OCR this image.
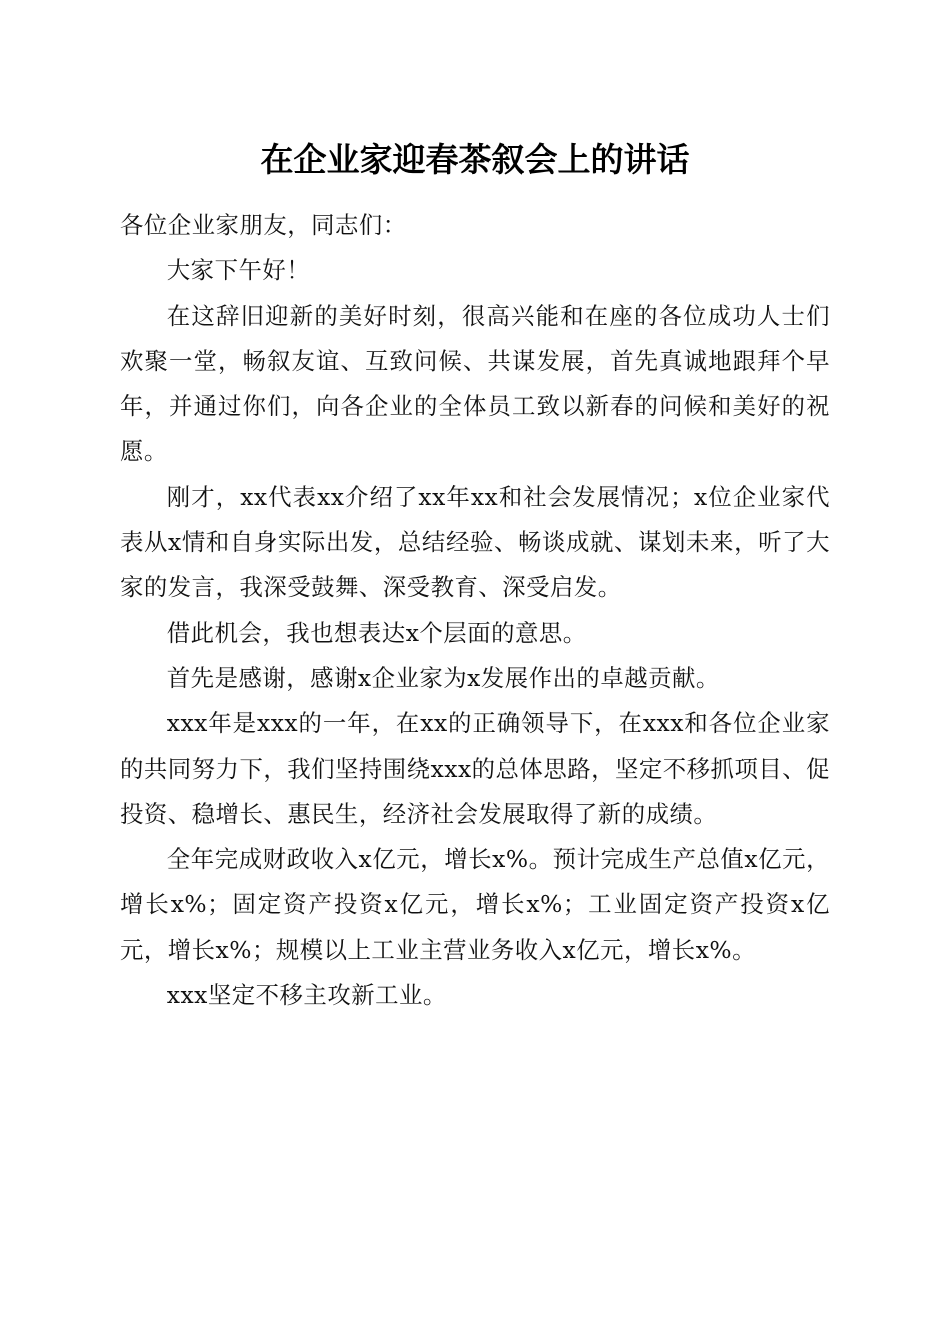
在企业家迎春茶叙会上的讲话

各位企业家朋友，同志们：

大家下午好！

在这辞旧迎新的美好时刻，很高兴能和在座的各位成功人士们欢聚一堂，畅叙友谊、互致问候、共谋发展，首先真诚地跟拜个早年，并通过你们，向各企业的全体员工致以新春的问候和美好的祝愿。

刚才，xx代表xx介绍了xx年xx和社会发展情况；x位企业家代表从x情和自身实际出发，总结经验、畅谈成就、谋划未来，听了大家的发言，我深受鼓舞、深受教育、深受启发。

借此机会，我也想表达x个层面的意思。

首先是感谢，感谢x企业家为x发展作出的卓越贡献。

xxx年是xxx的一年，在xx的正确领导下，在xxx和各位企业家的共同努力下，我们坚持围绕xxx的总体思路，坚定不移抓项目、促投资、稳增长、惠民生，经济社会发展取得了新的成绩。

全年完成财政收入x亿元，增长x%。预计完成生产总值x亿元，增长x%；固定资产投资x亿元，增长x%；工业固定资产投资x亿元，增长x%；规模以上工业主营业务收入x亿元，增长x%。

xxx坚定不移主攻新工业。
